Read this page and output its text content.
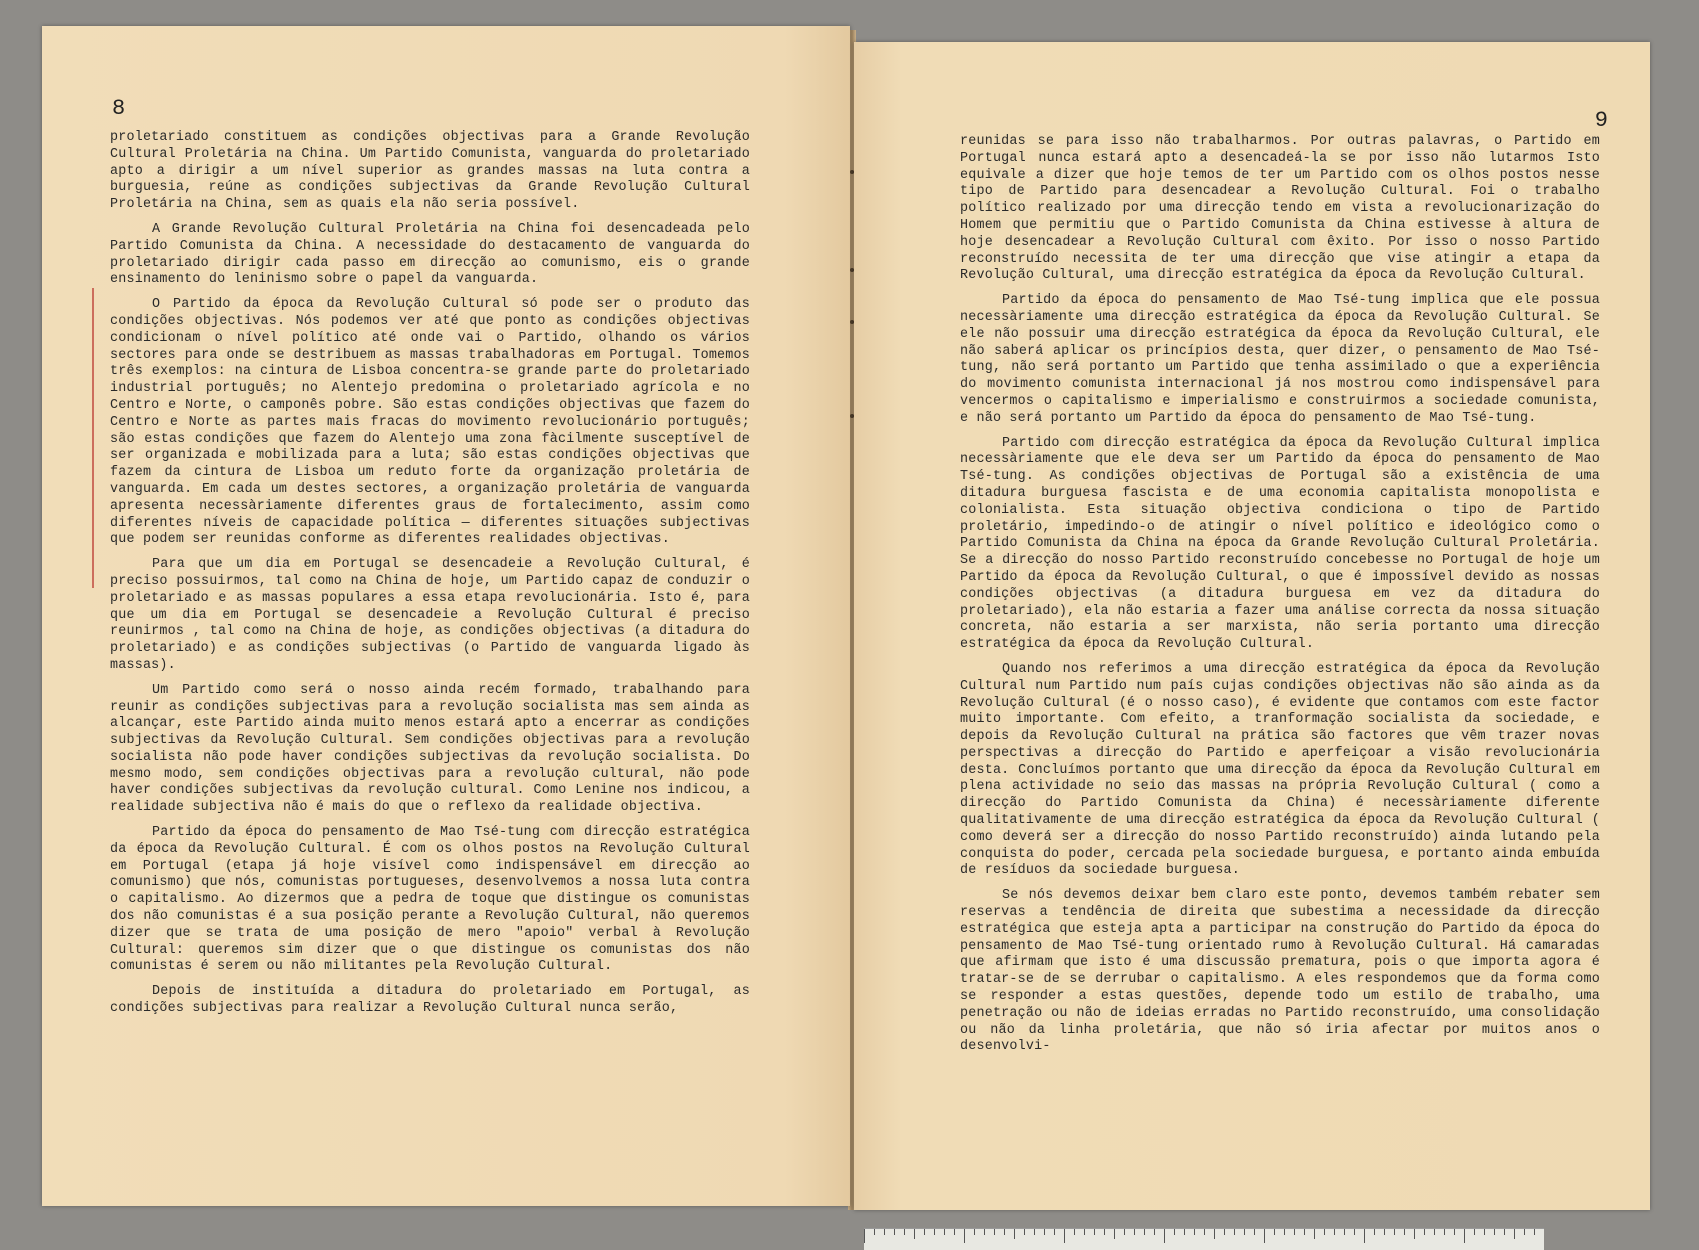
8

proletariado constituem as condições objectivas para a Grande Revolução Cultural Proletária na China. Um Partido Comunista, vanguarda do proletariado apto a dirigir a um nível superior as grandes massas na luta contra a burguesia, reúne as condições subjectivas da Grande Revolução Cultural Proletária na China, sem as quais ela não seria possível.

A Grande Revolução Cultural Proletária na China foi desencadeada pelo Partido Comunista da China. A necessidade do destacamento de vanguarda do proletariado dirigir cada passo em direcção ao comunismo, eis o grande ensinamento do leninismo sobre o papel da vanguarda.

O Partido da época da Revolução Cultural só pode ser o produto das condições objectivas. Nós podemos ver até que ponto as condições objectivas condicionam o nível político até onde vai o Partido, olhando os vários sectores para onde se destribuem as massas trabalhadoras em Portugal. Tomemos três exemplos: na cintura de Lisboa concentra-se grande parte do proletariado industrial português; no Alentejo predomina o proletariado agrícola e no Centro e Norte, o camponês pobre. São estas condições objectivas que fazem do Centro e Norte as partes mais fracas do movimento revolucionário português; são estas condições que fazem do Alentejo uma zona fàcilmente susceptível de ser organizada e mobilizada para a luta; são estas condições objectivas que fazem da cintura de Lisboa um reduto forte da organização proletária de vanguarda. Em cada um destes sectores, a organização proletária de vanguarda apresenta necessàriamente diferentes graus de fortalecimento, assim como diferentes níveis de capacidade política — diferentes situações subjectivas que podem ser reunidas conforme as diferentes realidades objectivas.

Para que um dia em Portugal se desencadeie a Revolução Cultural, é preciso possuirmos, tal como na China de hoje, um Partido capaz de conduzir o proletariado e as massas populares a essa etapa revolucionária. Isto é, para que um dia em Portugal se desencadeie a Revolução Cultural é preciso reunirmos , tal como na China de hoje, as condições objectivas (a ditadura do proletariado) e as condições subjectivas (o Partido de vanguarda ligado às massas).

Um Partido como será o nosso ainda recém formado, trabalhando para reunir as condições subjectivas para a revolução socialista mas sem ainda as alcançar, este Partido ainda muito menos estará apto a encerrar as condições subjectivas da Revolução Cultural. Sem condições objectivas para a revolução socialista não pode haver condições subjectivas da revolução socialista. Do mesmo modo, sem condições objectivas para a revolução cultural, não pode haver condições subjectivas da revolução cultural. Como Lenine nos indicou, a realidade subjectiva não é mais do que o reflexo da realidade objectiva.

Partido da época do pensamento de Mao Tsé-tung com direcção estratégica da época da Revolução Cultural. É com os olhos postos na Revolução Cultural em Portugal (etapa já hoje visível como indispensável em direcção ao comunismo) que nós, comunistas portugueses, desenvolvemos a nossa luta contra o capitalismo. Ao dizermos que a pedra de toque que distingue os comunistas dos não comunistas é a sua posição perante a Revolução Cultural, não queremos dizer que se trata de uma posição de mero "apoio" verbal à Revolução Cultural: queremos sim dizer que o que distingue os comunistas dos não comunistas é serem ou não militantes pela Revolução Cultural.

Depois de instituída a ditadura do proletariado em Portugal, as condições subjectivas para realizar a Revolução Cultural nunca serão,

9

reunidas se para isso não trabalharmos. Por outras palavras, o Partido em Portugal nunca estará apto a desencadeá-la se por isso não lutarmos Isto equivale a dizer que hoje temos de ter um Partido com os olhos postos nesse tipo de Partido para desencadear a Revolução Cultural. Foi o trabalho político realizado por uma direcção tendo em vista a revolucionarização do Homem que permitiu que o Partido Comunista da China estivesse à altura de hoje desencadear a Revolução Cultural com êxito. Por isso o nosso Partido reconstruído necessita de ter uma direcção que vise atingir a etapa da Revolução Cultural, uma direcção estratégica da época da Revolução Cultural.

Partido da época do pensamento de Mao Tsé-tung implica que ele possua necessàriamente uma direcção estratégica da época da Revolução Cultural. Se ele não possuir uma direcção estratégica da época da Revolução Cultural, ele não saberá aplicar os princípios desta, quer dizer, o pensamento de Mao Tsé-tung, não será portanto um Partido que tenha assimilado o que a experiência do movimento comunista internacional já nos mostrou como indispensável para vencermos o capitalismo e imperialismo e construirmos a sociedade comunista, e não será portanto um Partido da época do pensamento de Mao Tsé-tung.

Partido com direcção estratégica da época da Revolução Cultural implica necessàriamente que ele deva ser um Partido da época do pensamento de Mao Tsé-tung. As condições objectivas de Portugal são a existência de uma ditadura burguesa fascista e de uma economia capitalista monopolista e colonialista. Esta situação objectiva condiciona o tipo de Partido proletário, impedindo-o de atingir o nível político e ideológico como o Partido Comunista da China na época da Grande Revolução Cultural Proletária. Se a direcção do nosso Partido reconstruído concebesse no Portugal de hoje um Partido da época da Revolução Cultural, o que é impossível devido as nossas condições objectivas (a ditadura burguesa em vez da ditadura do proletariado), ela não estaria a fazer uma análise correcta da nossa situação concreta, não estaria a ser marxista, não seria portanto uma direcção estratégica da época da Revolução Cultural.

Quando nos referimos a uma direcção estratégica da época da Revolução Cultural num Partido num país cujas condições objectivas não são ainda as da Revolução Cultural (é o nosso caso), é evidente que contamos com este factor muito importante. Com efeito, a tranformação socialista da sociedade, e depois da Revolução Cultural na prática são factores que vêm trazer novas perspectivas a direcção do Partido e aperfeiçoar a visão revolucionária desta. Concluímos portanto que uma direcção da época da Revolução Cultural em plena actividade no seio das massas na própria Revolução Cultural ( como a direcção do Partido Comunista da China) é necessàriamente diferente qualitativamente de uma direcção estratégica da época da Revolução Cultural ( como deverá ser a direcção do nosso Partido reconstruído) ainda lutando pela conquista do poder, cercada pela sociedade burguesa, e portanto ainda embuída de resíduos da sociedade burguesa.

Se nós devemos deixar bem claro este ponto, devemos também rebater sem reservas a tendência de direita que subestima a necessidade da direcção estratégica que esteja apta a participar na construção do Partido da época do pensamento de Mao Tsé-tung orientado rumo à Revolução Cultural. Há camaradas que afirmam que isto é uma discussão prematura, pois o que importa agora é tratar-se de se derrubar o capitalismo. A eles respondemos que da forma como se responder a estas questões, depende todo um estilo de trabalho, uma penetração ou não de ideias erradas no Partido reconstruído, uma consolidação ou não da linha proletária, que não só iria afectar por muitos anos o desenvolvi-
